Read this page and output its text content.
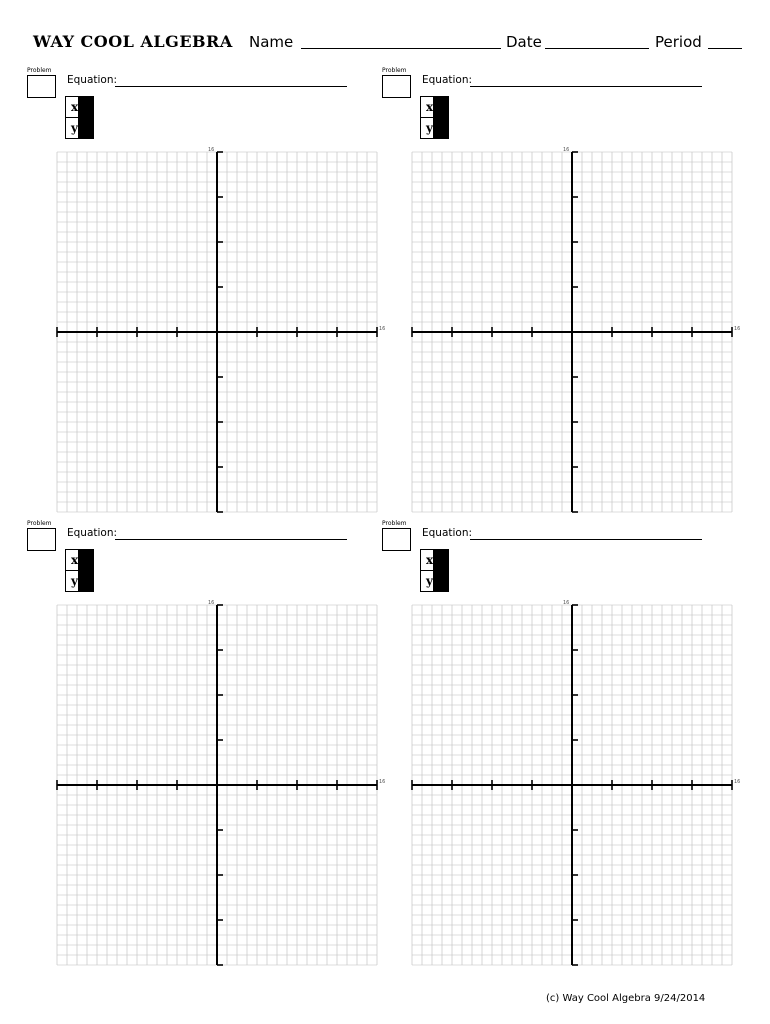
WAY COOL ALGEBRA Name	Date	Period
Problem
Equation:
x															
y															
Problem
Equation:
x															
y															
Problem
Equation:
x															
y															
Problem
Equation:
x															
y															
16
16
16
16
16
16
16
16
(c) Way Cool Algebra 9/24/2014
